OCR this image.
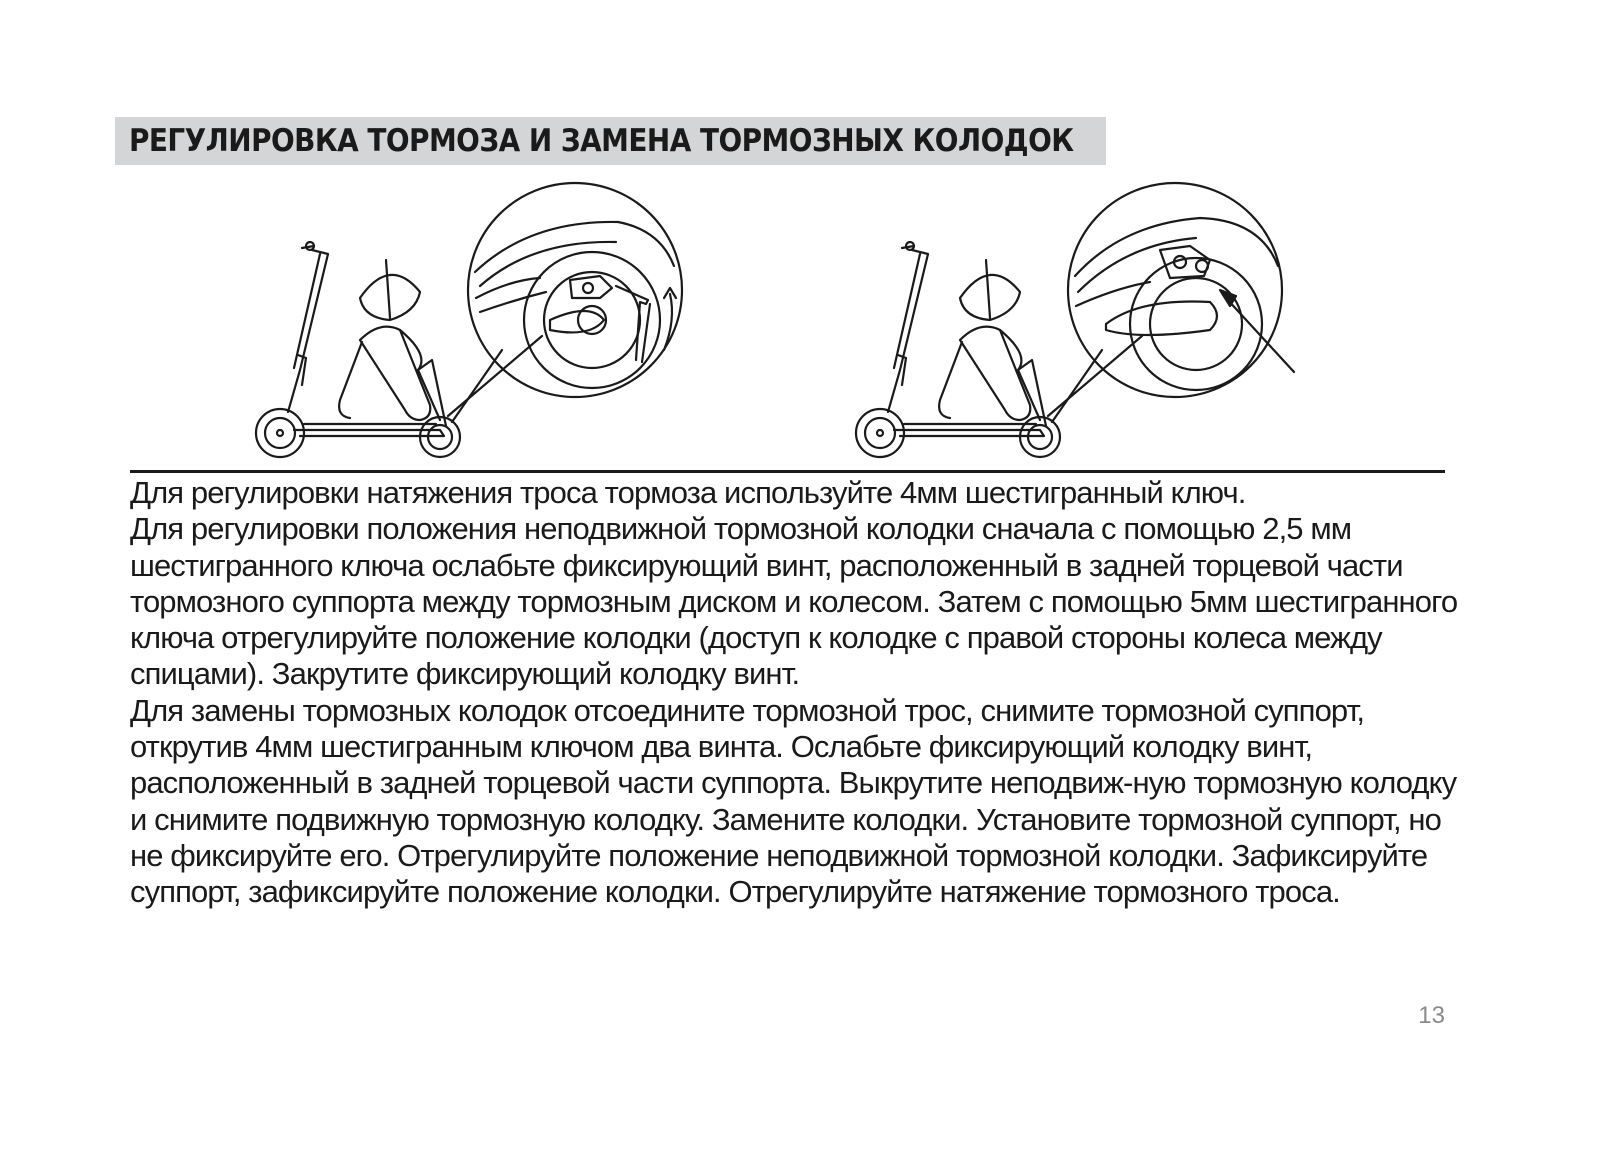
РЕГУЛИРОВКА ТОРМОЗА И ЗАМЕНА ТОРМОЗНЫХ КОЛОДОК

Для регулировки натяжения троса тормоза используйте 4мм шестигранный ключ.

Для регулировки положения неподвижной тормозной колодки сначала с помощью 2,5 мм шестигранного ключа ослабьте фиксирующий винт, расположенный в задней торцевой части тормозного суппорта между тормозным диском и колесом. Затем с помощью 5мм шестигранного ключа отрегулируйте положение колодки (доступ к колодке с правой стороны колеса между спицами). Закрутите фиксирующий колодку винт.

Для замены тормозных колодок отсоедините тормозной трос, снимите тормозной суппорт, открутив 4мм шестигранным ключом два винта. Ослабьте фиксирующий колодку винт, расположенный в задней торцевой части суппорта. Выкрутите неподвиж-ную тормозную колодку и снимите подвижную тормозную колодку. Замените колодки. Установите тормозной суппорт, но не фиксируйте его. Отрегулируйте положение неподвижной тормозной колодки. Зафиксируйте суппорт, зафиксируйте положение колодки. Отрегулируйте натяжение тормозного троса.

13
